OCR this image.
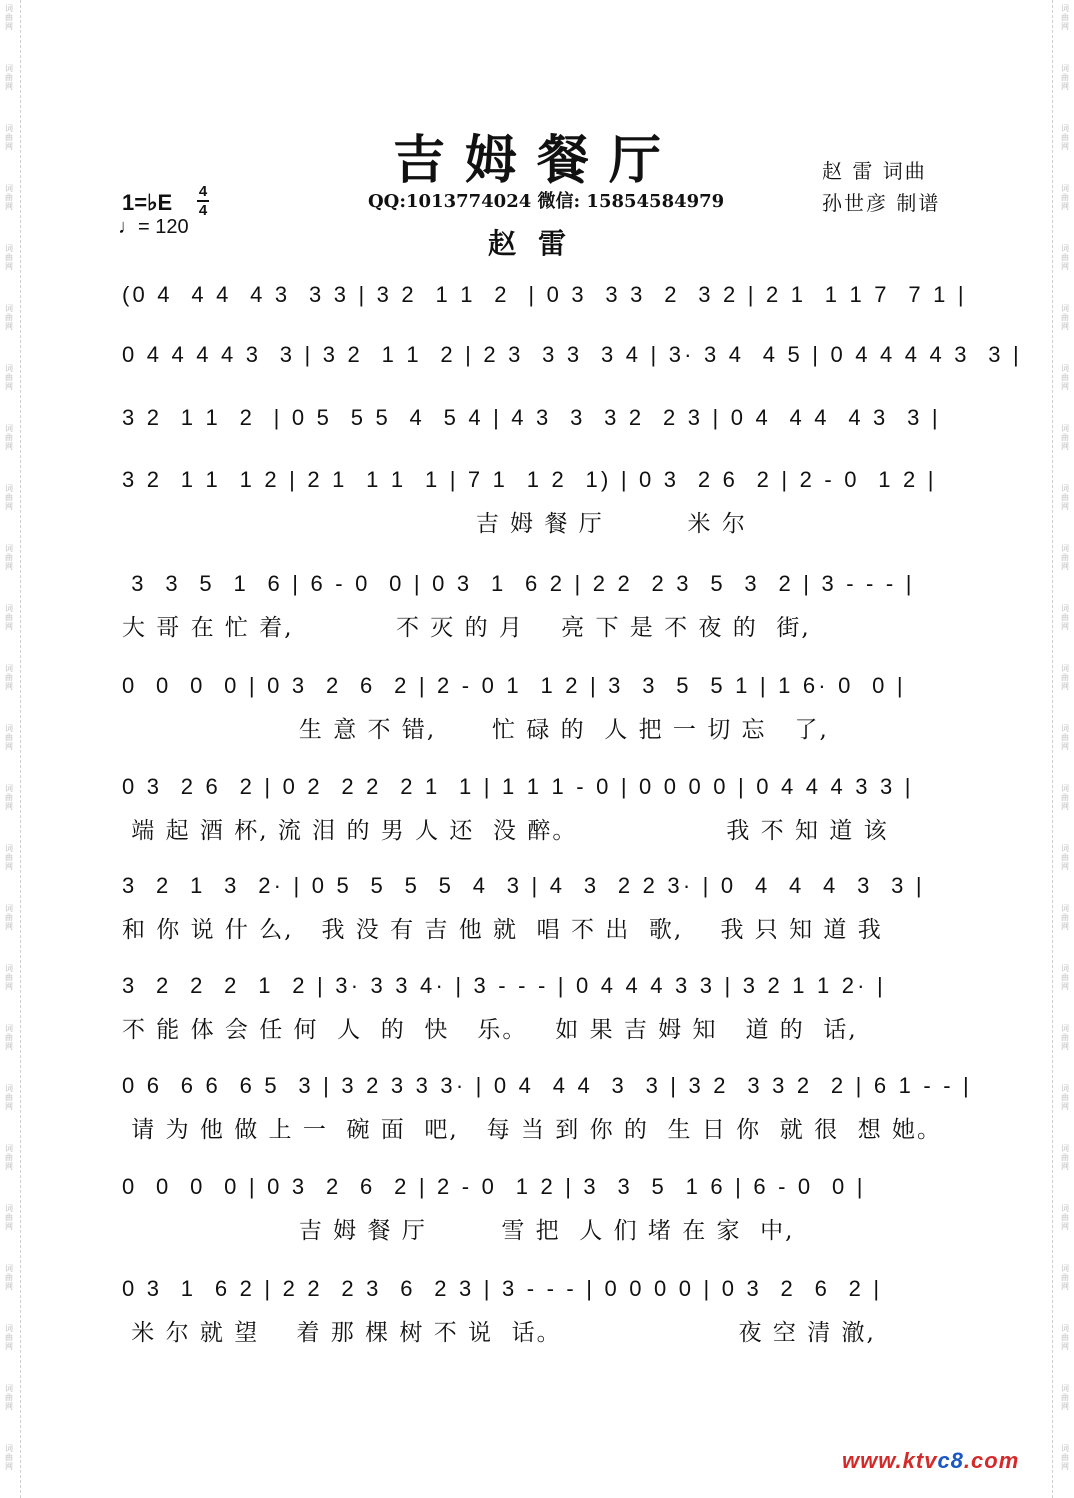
词
曲
网
词
曲
网
词
曲
网
词
曲
网
词
曲
网
词
曲
网
词
曲
网
词
曲
网
词
曲
网
词
曲
网
词
曲
网
词
曲
网
词
曲
网
词
曲
网
词
曲
网
词
曲
网
词
曲
网
词
曲
网
词
曲
网
词
曲
网
词
曲
网
词
曲
网
词
曲
网
词
曲
网
词
曲
网
词
曲
网
词
曲
网
词
曲
网
词
曲
网
词
曲
网
词
曲
网
词
曲
网
词
曲
网
词
曲
网
词
曲
网
词
曲
网
词
曲
网
词
曲
网
词
曲
网
词
曲
网
词
曲
网
词
曲
网
词
曲
网
词
曲
网
词
曲
网
词
曲
网
词
曲
网
词
曲
网
词
曲
网
词
曲
网
吉姆餐厅	赵 雷 词曲
孙世彦 制谱
QQ:1013774024 微信: 15854584979
赵雷
1=♭E 4
4
♩= 120
(0 4  4 4  4 3  3 3 | 3 2  1 1  2  | 0 3  3 3  2  3 2 | 2 1  1 1 7  7 1 |
0 4 4 4 4 3  3 | 3 2  1 1  2 | 2 3  3 3  3 4 | 3· 3 4  4 5 | 0 4 4 4 4 3  3 |
3 2  1 1  2  | 0 5  5 5  4  5 4 | 4 3  3  3 2  2 3 | 0 4  4 4  4 3  3 |
3 2  1 1  1 2 | 2 1  1 1  1 | 7 1  1 2  1) | 0 3  2 6  2 | 2 - 0  1 2 |
吉 姆 餐 厅         米 尔
3  3  5  1  6 | 6 - 0  0 | 0 3  1  6 2 | 2 2  2 3  5  3  2 | 3 - - - |
大 哥 在 忙 着,           不 灭 的 月    亮 下 是 不 夜 的  街,
0  0  0  0 | 0 3  2  6  2 | 2 - 0 1  1 2 | 3  3  5  5 1 | 1 6· 0  0 |
生 意 不 错,      忙 碌 的  人 把 一 切 忘   了,
0 3  2 6  2 | 0 2  2 2  2 1  1 | 1 1 1 - 0 | 0 0 0 0 | 0 4 4 4 3 3 |
端 起 酒 杯, 流 泪 的 男 人 还  没 醉。                我 不 知 道 该
3  2  1  3  2· | 0 5  5  5  5  4  3 | 4  3  2 2 3· | 0  4  4  4  3  3 |
和 你 说 什 么,   我 没 有 吉 他 就  唱 不 出  歌,    我 只 知 道 我
3  2  2  2  1  2 | 3· 3 3 4· | 3 - - - | 0 4 4 4 3 3 | 3 2 1 1 2· |
不 能 体 会 任 何  人  的  快   乐。   如 果 吉 姆 知   道 的  话,
0 6  6 6  6 5  3 | 3 2 3 3 3· | 0 4  4 4  3  3 | 3 2  3 3 2  2 | 6 1 - - |
请 为 他 做 上 一  碗 面  吧,   每 当 到 你 的  生 日 你  就 很  想 她。
0  0  0  0 | 0 3  2  6  2 | 2 - 0  1 2 | 3  3  5  1 6 | 6 - 0  0 |
吉 姆 餐 厅        雪 把  人 们 堵 在 家  中,
0 3  1  6 2 | 2 2  2 3  6  2 3 | 3 - - - | 0 0 0 0 | 0 3  2  6  2 |
米 尔 就 望    着 那 棵 树 不 说  话。                   夜 空 清 澈,
www.ktvc8.com
